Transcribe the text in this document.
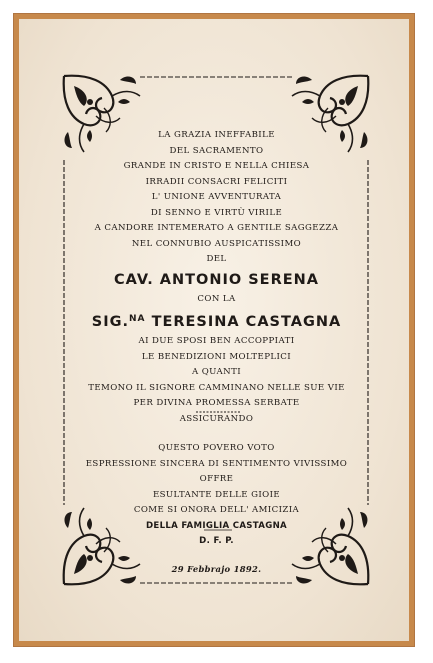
LA GRAZIA INEFFABILE
DEL SACRAMENTO
GRANDE IN CRISTO E NELLA CHIESA
IRRADII CONSACRI FELICITI
L' UNIONE AVVENTURATA
DI SENNO E VIRTÙ VIRILE
A CANDORE INTEMERATO A GENTILE SAGGEZZA
NEL CONNUBIO AUSPICATISSIMO
DEL
CAV. ANTONIO SERENA
CON LA
SIG.$^{NA}$ TERESINA CASTAGNA
AI DUE SPOSI BEN ACCOPPIATI
LE BENEDIZIONI MOLTEPLICI
A QUANTI
TEMONO IL SIGNORE CAMMINANO NELLE SUE VIE
PER DIVINA PROMESSA SERBATE
ASSICURANDO
QUESTO POVERO VOTO
ESPRESSIONE SINCERA DI SENTIMENTO VIVISSIMO
OFFRE
ESULTANTE DELLE GIOIE
COME SI ONORA DELL' AMICIZIA
DELLA FAMIGLIA CASTAGNA
D. F. P.
29 Febbrajo 1892.
